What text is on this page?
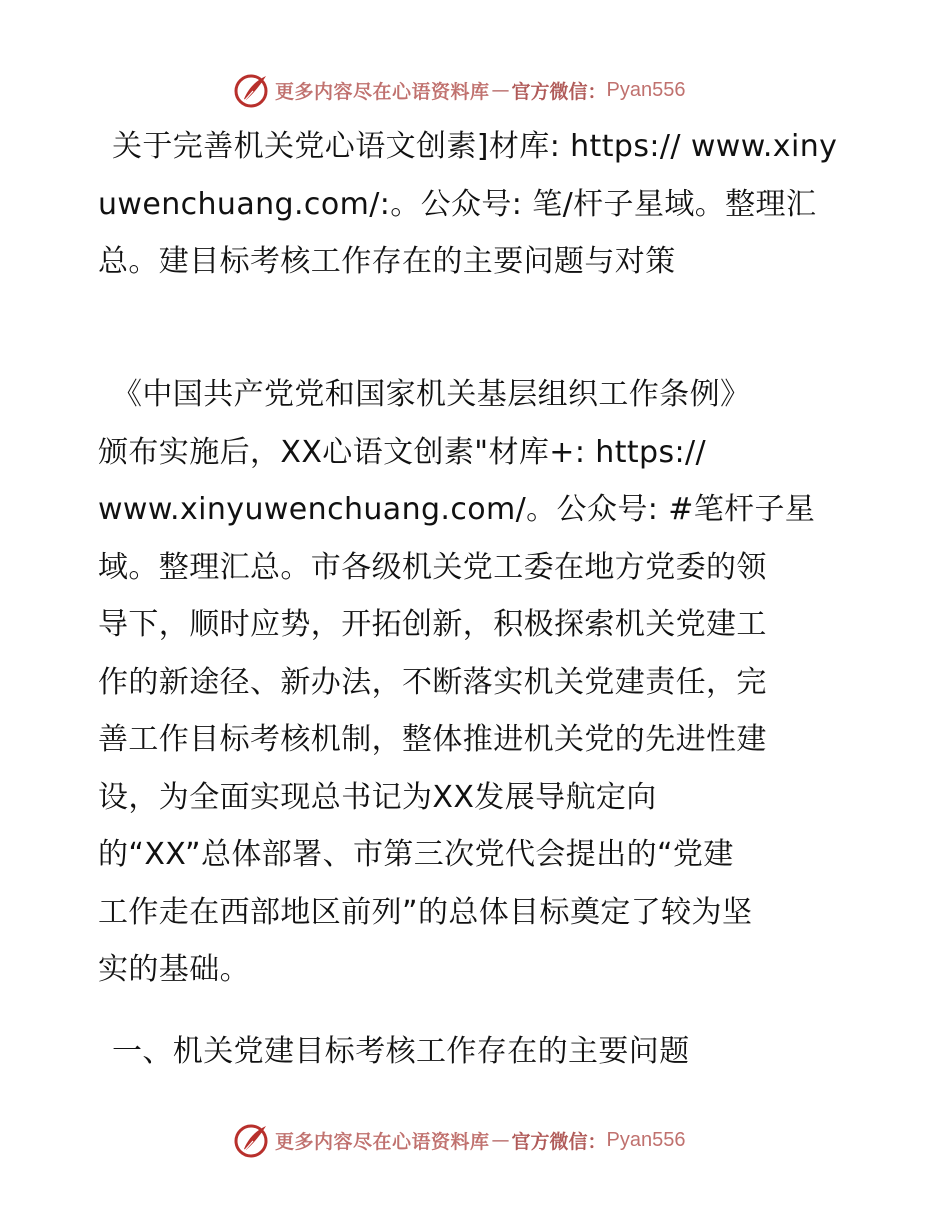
更多内容尽在心语资料库 — 官方微信： Pyan556

关于完善机关党心语文创素]材库: https:// www.xinyuwenchuang.com/:。公众号: 笔/杆子星域。整理汇总。建目标考核工作存在的主要问题与对策

《中国共产党党和国家机关基层组织工作条例》
颁布实施后，XX心语文创素"材库+: https://
www.xinyuwenchuang.com/。公众号: #笔杆子星
域。整理汇总。市各级机关党工委在地方党委的领
导下，顺时应势，开拓创新，积极探索机关党建工
作的新途径、新办法，不断落实机关党建责任，完
善工作目标考核机制，整体推进机关党的先进性建
设，为全面实现总书记为XX发展导航定向
的“XX”总体部署、市第三次党代会提出的“党建
工作走在西部地区前列”的总体目标奠定了较为坚
实的基础。

一、机关党建目标考核工作存在的主要问题

更多内容尽在心语资料库 — 官方微信： Pyan556
